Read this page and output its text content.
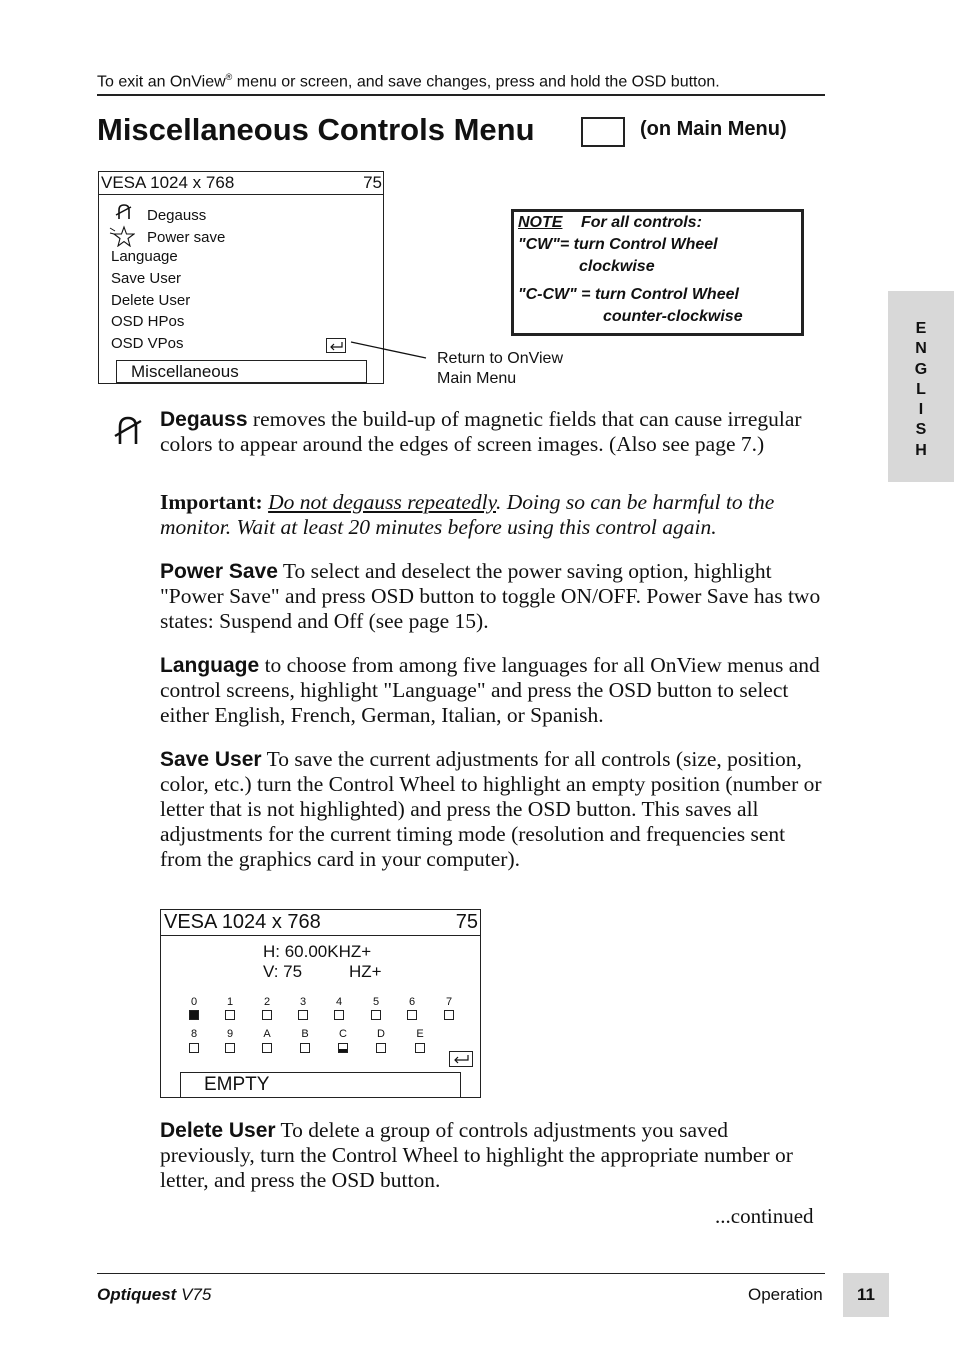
To exit an OnView® menu or screen, and save changes, press and hold the OSD button.
Miscellaneous Controls Menu	(on Main Menu)
VESA 1024 x 768	75
Degauss
Power save
Language
Save User
Delete User
OSD HPos
OSD VPos
Miscellaneous
Return to OnView
Main Menu
NOTE For all controls:
"CW"= turn Control Wheel
clockwise
"C-CW" = turn Control Wheel
counter-clockwise
E
N
G
L
I
S
H
Degauss removes the build-up of magnetic fields that can cause irregular colors to appear around the edges of screen images. (Also see page 7.)
Important: Do not degauss repeatedly. Doing so can be harmful to the monitor. Wait at least 20 minutes before using this control again.
Power Save To select and deselect the power saving option, highlight "Power Save" and press OSD button to toggle ON/OFF. Power Save has two states: Suspend and Off (see page 15).
Language to choose from among five languages for all OnView menus and control screens, highlight "Language" and press the OSD button to select either English, French, German, Italian, or Spanish.
Save User To save the current adjustments for all controls (size, position, color, etc.) turn the Control Wheel to highlight an empty position (number or letter that is not highlighted) and press the OSD button. This saves all adjustments for the current timing mode (resolution and frequencies sent from the graphics card in your computer).
VESA 1024 x 768	75
H: 60.00KHZ+
V: 75	HZ+
0	1	2	3	4	5	6	7
8	9	A	B	C	D	E
EMPTY
Delete User To delete a group of controls adjustments you saved previously, turn the Control Wheel to highlight the appropriate number or letter, and press the OSD button.
...continued
Optiquest V75	Operation	11
